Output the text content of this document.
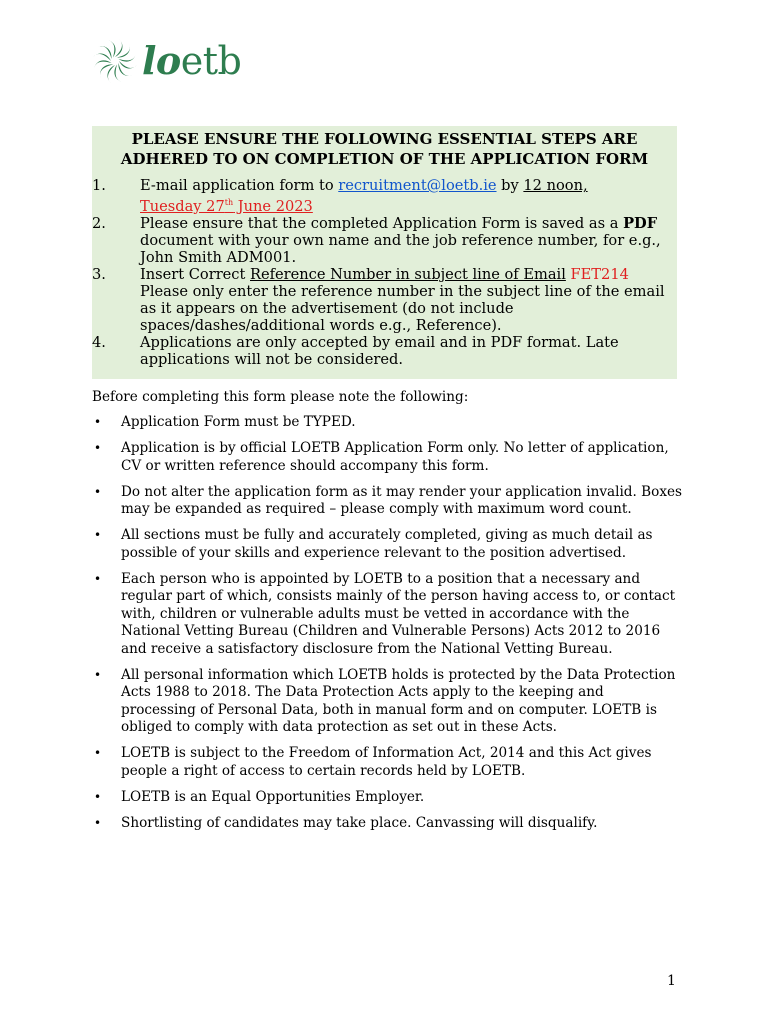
loetb
PLEASE ENSURE THE FOLLOWING ESSENTIAL STEPS ARE
ADHERED TO ON COMPLETION OF THE APPLICATION FORM
1. E-mail application form to recruitment@loetb.ie by 12 noon,
Tuesday 27th June 2023
2. Please ensure that the completed Application Form is saved as a PDF document with your own name and the job reference number, for e.g., John Smith ADM001.
3. Insert Correct Reference Number in subject line of Email FET214 Please only enter the reference number in the subject line of the email as it appears on the advertisement (do not include spaces/dashes/additional words e.g., Reference).
4. Applications are only accepted by email and in PDF format. Late applications will not be considered.

Before completing this form please note the following:

• Application Form must be TYPED.
• Application is by official LOETB Application Form only. No letter of application, CV or written reference should accompany this form.
• Do not alter the application form as it may render your application invalid. Boxes may be expanded as required – please comply with maximum word count.
• All sections must be fully and accurately completed, giving as much detail as possible of your skills and experience relevant to the position advertised.
• Each person who is appointed by LOETB to a position that a necessary and regular part of which, consists mainly of the person having access to, or contact with, children or vulnerable adults must be vetted in accordance with the National Vetting Bureau (Children and Vulnerable Persons) Acts 2012 to 2016 and receive a satisfactory disclosure from the National Vetting Bureau.
• All personal information which LOETB holds is protected by the Data Protection Acts 1988 to 2018. The Data Protection Acts apply to the keeping and processing of Personal Data, both in manual form and on computer. LOETB is obliged to comply with data protection as set out in these Acts.
• LOETB is subject to the Freedom of Information Act, 2014 and this Act gives people a right of access to certain records held by LOETB.
• LOETB is an Equal Opportunities Employer.
• Shortlisting of candidates may take place. Canvassing will disqualify.
1
